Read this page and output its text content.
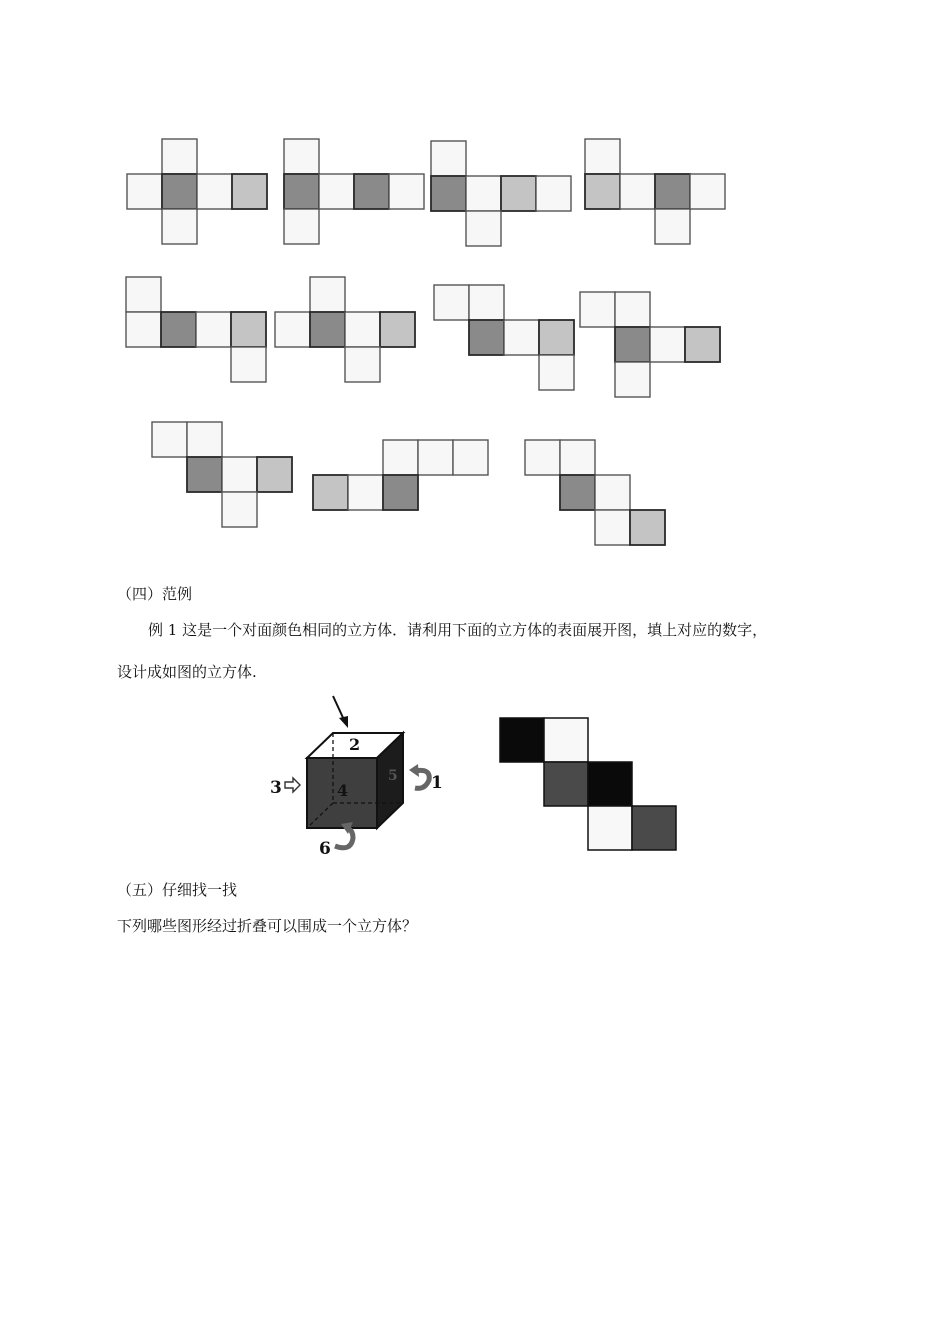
（四）范例
例 1 这是一个对面颜色相同的立方体．请利用下面的立方体的表面展开图，填上对应的数字，
设计成如图的立方体.
2
4
5
3	1
6
（五）仔细找一找
下列哪些图形经过折叠可以围成一个立方体？
